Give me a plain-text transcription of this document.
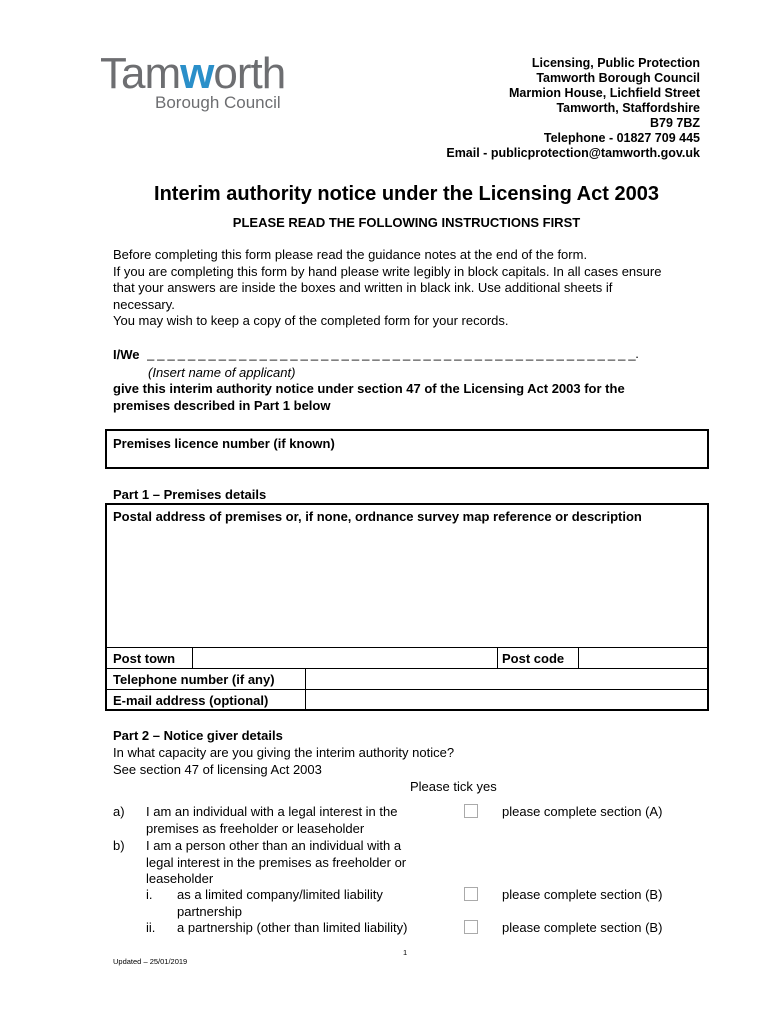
Tamworth
Borough Council
Licensing, Public Protection
Tamworth Borough Council
Marmion House, Lichfield Street
Tamworth, Staffordshire
B79 7BZ
Telephone - 01827 709 445
Email - publicprotection@tamworth.gov.uk
Interim authority notice under the Licensing Act 2003
PLEASE READ THE FOLLOWING INSTRUCTIONS FIRST
Before completing this form please read the guidance notes at the end of the form.
If you are completing this form by hand please write legibly in block capitals. In all cases ensure
that your answers are inside the boxes and written in black ink. Use additional sheets if
necessary.
You may wish to keep a copy of the completed form for your records.
I/We _ _ _ _ _ _ _ _ _ _ _ _ _ _ _ _ _ _ _ _ _ _ _ _ _ _ _ _ _ _ _ _ _ _ _ _ _ _ _ _ _ _ _ _ _ _ _ _.
(Insert name of applicant)
give this interim authority notice under section 47 of the Licensing Act 2003 for the
premises described in Part 1 below
Premises licence number (if known)
Part 1 – Premises details
Postal address of premises or, if none, ordnance survey map reference or description
Post town	Post code
Telephone number (if any)
E-mail address (optional)
Part 2 – Notice giver details
In what capacity are you giving the interim authority notice?
See section 47 of licensing Act 2003
Please tick yes
a) I am an individual with a legal interest in the
premises as freeholder or leaseholder
please complete section (A)
b) I am a person other than an individual with a
legal interest in the premises as freeholder or
leaseholder
i. as a limited company/limited liability
partnership
please complete section (B)
ii. a partnership (other than limited liability)	please complete section (B)
1
Updated – 25/01/2019
